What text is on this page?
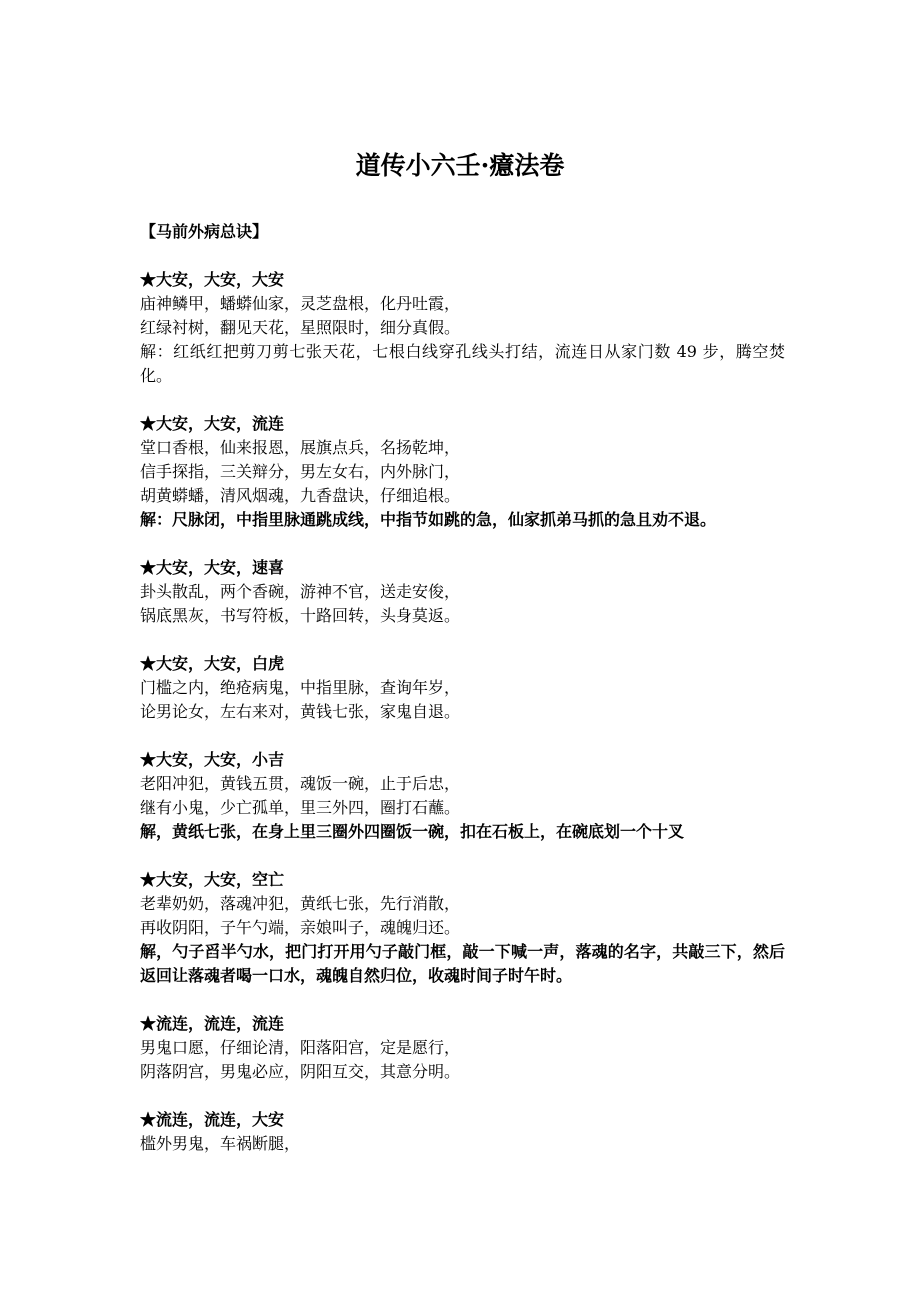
道传小六壬·癔法卷
【马前外病总诀】

★大安，大安，大安

庙神鳞甲，蟠蟒仙家，灵芝盘根，化丹吐霞，

红绿衬树，翻见天花，星照限时，细分真假。

解：红纸红把剪刀剪七张天花，七根白线穿孔线头打结，流连日从家门数 49 步，腾空焚化。

★大安，大安，流连

堂口香根，仙来报恩，展旗点兵，名扬乾坤，

信手探指，三关辩分，男左女右，内外脉门，

胡黄蟒蟠，清风烟魂，九香盘诀，仔细追根。

解：尺脉闭，中指里脉通跳成线，中指节如跳的急，仙家抓弟马抓的急且劝不退。

★大安，大安，速喜

卦头散乱，两个香碗，游神不官，送走安俊，

锅底黑灰，书写符板，十路回转，头身莫返。

★大安，大安，白虎

门槛之内，绝疮病鬼，中指里脉，查询年岁，

论男论女，左右来对，黄钱七张，家鬼自退。

★大安，大安，小吉

老阳冲犯，黄钱五贯，魂饭一碗，止于后忠，

继有小鬼，少亡孤单，里三外四，圈打石蘸。

解，黄纸七张，在身上里三圈外四圈饭一碗，扣在石板上，在碗底划一个十叉

★大安，大安，空亡

老辈奶奶，落魂冲犯，黄纸七张，先行消散，

再收阴阳，子午勺端，亲娘叫子，魂魄归还。

解，勺子舀半勺水，把门打开用勺子敲门框，敲一下喊一声，落魂的名字，共敲三下，然后返回让落魂者喝一口水，魂魄自然归位，收魂时间子时午时。

★流连，流连，流连

男鬼口愿，仔细论清，阳落阳宫，定是愿行，

阴落阴宫，男鬼必应，阴阳互交，其意分明。

★流连，流连，大安

槛外男鬼，车祸断腿，
